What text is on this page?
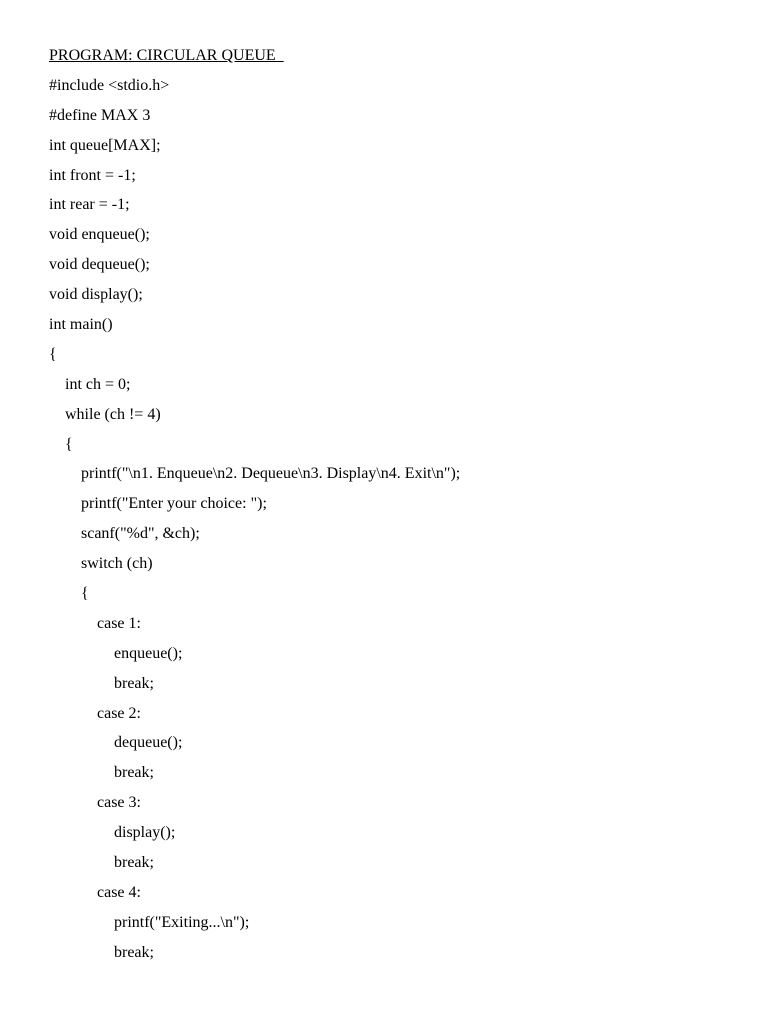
PROGRAM: CIRCULAR QUEUE
#include <stdio.h>
#define MAX 3
int queue[MAX];
int front = -1;
int rear = -1;
void enqueue();
void dequeue();
void display();
int main()
{
int ch = 0;
while (ch != 4)
{
printf("\n1. Enqueue\n2. Dequeue\n3. Display\n4. Exit\n");
printf("Enter your choice: ");
scanf("%d", &ch);
switch (ch)
{
case 1:
enqueue();
break;
case 2:
dequeue();
break;
case 3:
display();
break;
case 4:
printf("Exiting...\n");
break;
